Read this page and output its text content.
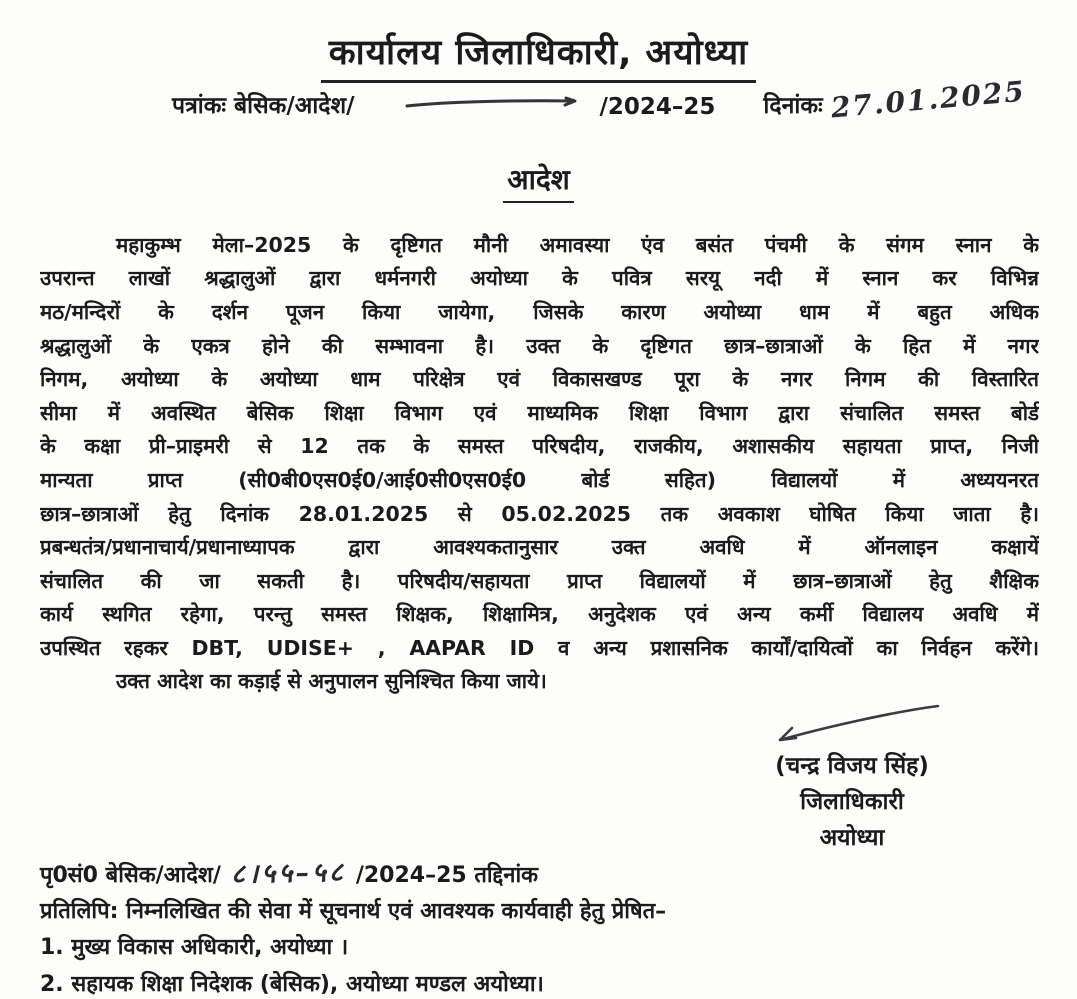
कार्यालय जिलाधिकारी, अयोध्या
पत्रांकः बेसिक/आदेश/	/2024–25 दिनांकः 27.01.2025
आदेश
महाकुम्भ मेला–2025 के दृष्टिगत मौनी अमावस्या एंव बसंत पंचमी के संगम स्नान के
उपरान्त लाखों श्रद्धालुओं द्वारा धर्मनगरी अयोध्या के पवित्र सरयू नदी में स्नान कर विभिन्न
मठ/मन्दिरों के दर्शन पूजन किया जायेगा, जिसके कारण अयोध्या धाम में बहुत अधिक
श्रद्धालुओं के एकत्र होने की सम्भावना है। उक्त के दृष्टिगत छात्र–छात्राओं के हित में नगर
निगम, अयोध्या के अयोध्या धाम परिक्षेत्र एवं विकासखण्ड पूरा के नगर निगम की विस्तारित
सीमा में अवस्थित बेसिक शिक्षा विभाग एवं माध्यमिक शिक्षा विभाग द्वारा संचालित समस्त बोर्ड
के कक्षा प्री–प्राइमरी से 12 तक के समस्त परिषदीय, राजकीय, अशासकीय सहायता प्राप्त, निजी
मान्यता प्राप्त (सी0बी0एस0ई0/आई0सी0एस0ई0 बोर्ड सहित) विद्यालयों में अध्ययनरत
छात्र–छात्राओं हेतु दिनांक 28.01.2025 से 05.02.2025 तक अवकाश घोषित किया जाता है।
प्रबन्धतंत्र/प्रधानाचार्य/प्रधानाध्यापक द्वारा आवश्यकतानुसार उक्त अवधि में ऑनलाइन कक्षायें
संचालित की जा सकती है। परिषदीय/सहायता प्राप्त विद्यालयों में छात्र–छात्राओं हेतु शैक्षिक
कार्य स्थगित रहेगा, परन्तु समस्त शिक्षक, शिक्षामित्र, अनुदेशक एवं अन्य कर्मी विद्यालय अवधि में
उपस्थित रहकर DBT, UDISE+ , AAPAR ID व अन्य प्रशासनिक कार्यों/दायित्वों का निर्वहन करेंगे।
उक्त आदेश का कड़ाई से अनुपालन सुनिश्चित किया जाये।
(चन्द्र विजय सिंह)
जिलाधिकारी
अयोध्या
पृ0सं0 बेसिक/आदेश/ ८।५५–५८ /2024–25 तद्दिनांक
प्रतिलिपि: निम्नलिखित की सेवा में सूचनार्थ एवं आवश्यक कार्यवाही हेतु प्रेषित–
1. मुख्य विकास अधिकारी, अयोध्या ।
2. सहायक शिक्षा निदेशक (बेसिक), अयोध्या मण्डल अयोध्या।
